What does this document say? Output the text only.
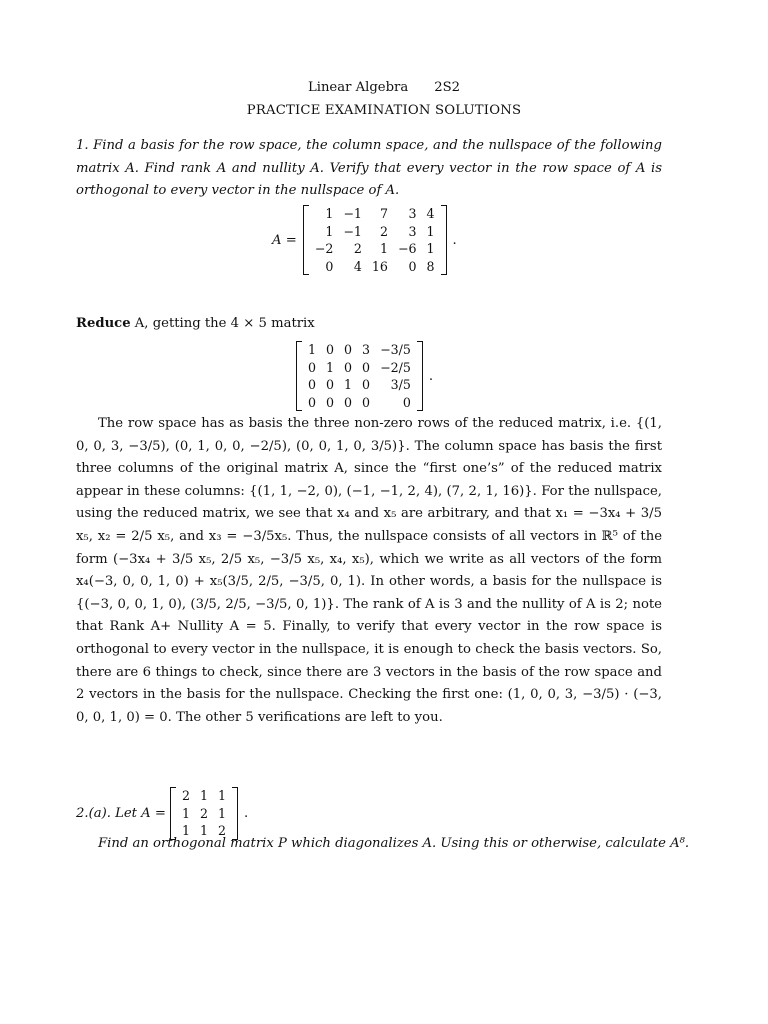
Linear Algebra 2S2
PRACTICE EXAMINATION SOLUTIONS
1. Find a basis for the row space, the column space, and the nullspace of the following matrix A. Find rank A and nullity A. Verify that every vector in the row space of A is orthogonal to every vector in the nullspace of A.
A =
1	−1	7	3	4
1	−1	2	3	1
−2	2	1	−6	1
0	4	16	0	8
.
Reduce A, getting the 4 × 5 matrix
1	0	0	3	−3/5
0	1	0	0	−2/5
0	0	1	0	3/5
0	0	0	0	0
.
The row space has as basis the three non-zero rows of the reduced matrix, i.e. {(1, 0, 0, 3, −3/5), (0, 1, 0, 0, −2/5), (0, 0, 1, 0, 3/5)}. The column space has basis the first three columns of the original matrix A, since the “first one’s” of the reduced matrix appear in these columns: {(1, 1, −2, 0), (−1, −1, 2, 4), (7, 2, 1, 16)}. For the nullspace, using the reduced matrix, we see that x₄ and x₅ are arbitrary, and that x₁ = −3x₄ + 3/5 x₅, x₂ = 2/5 x₅, and x₃ = −3/5x₅. Thus, the nullspace consists of all vectors in ℝ⁵ of the form (−3x₄ + 3/5 x₅, 2/5 x₅, −3/5 x₅, x₄, x₅), which we write as all vectors of the form x₄(−3, 0, 0, 1, 0) + x₅(3/5, 2/5, −3/5, 0, 1). In other words, a basis for the nullspace is {(−3, 0, 0, 1, 0), (3/5, 2/5, −3/5, 0, 1)}. The rank of A is 3 and the nullity of A is 2; note that Rank A+ Nullity A = 5. Finally, to verify that every vector in the row space is orthogonal to every vector in the nullspace, it is enough to check the basis vectors. So, there are 6 things to check, since there are 3 vectors in the basis of the row space and 2 vectors in the basis for the nullspace. Checking the first one: (1, 0, 0, 3, −3/5) · (−3, 0, 0, 1, 0) = 0. The other 5 verifications are left to you.
2.(a). Let A =
2	1	1
1	2	1
1	1	2
.
Find an orthogonal matrix P which diagonalizes A. Using this or otherwise, calculate A⁸.
